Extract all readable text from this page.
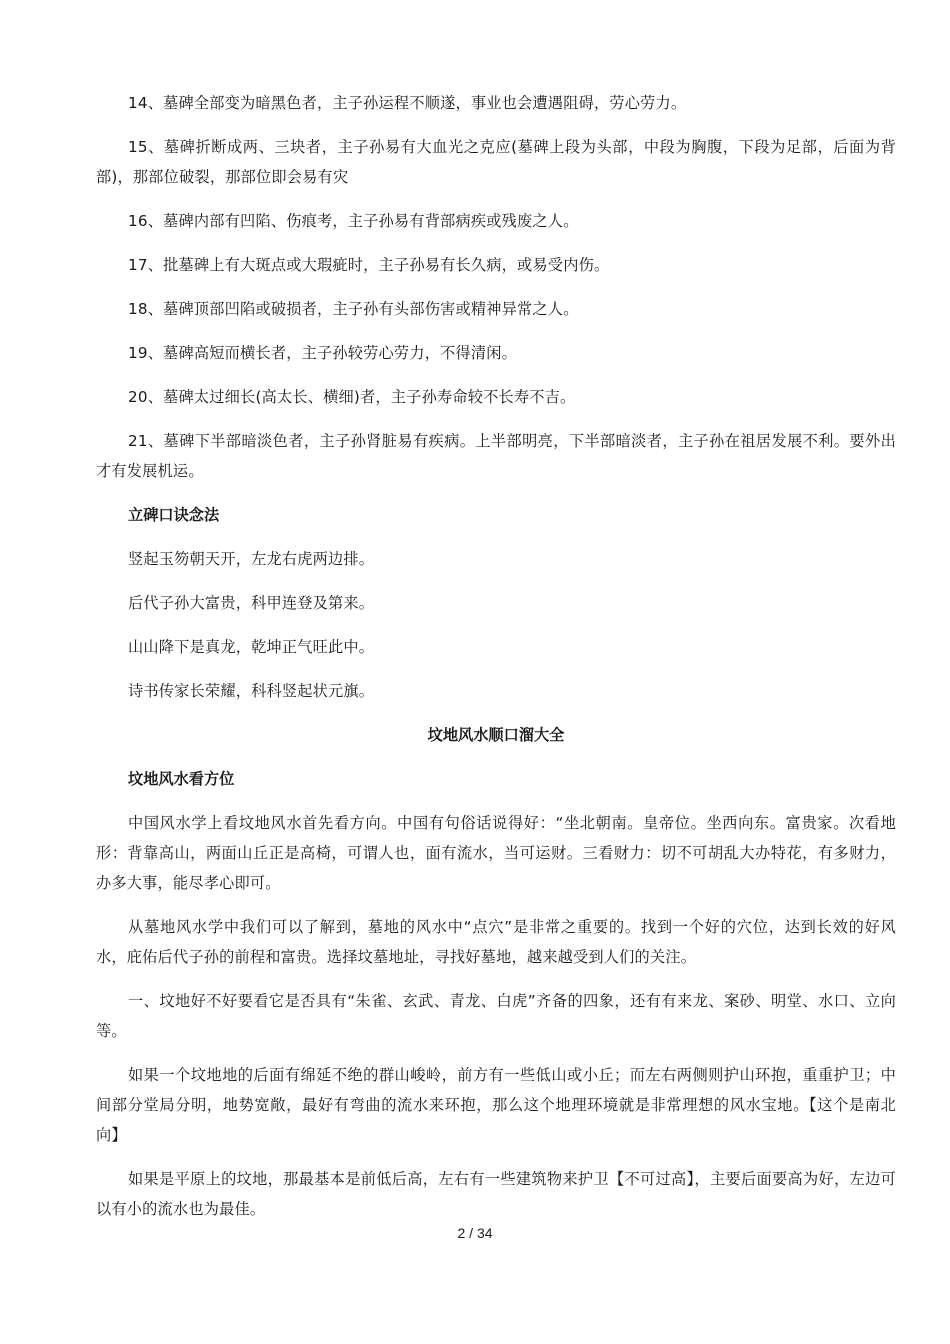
14、墓碑全部变为暗黑色者，主子孙运程不顺遂，事业也会遭遇阻碍，劳心劳力。

15、墓碑折断成两、三块者，主子孙易有大血光之克应(墓碑上段为头部，中段为胸腹，下段为足部，后面为背部)，那部位破裂，那部位即会易有灾

16、墓碑内部有凹陷、伤痕考，主子孙易有背部病疾或残废之人。

17、批墓碑上有大斑点或大瑕疵时，主子孙易有长久病，或易受内伤。

18、墓碑顶部凹陷或破损者，主子孙有头部伤害或精神异常之人。

19、墓碑高短而横长者，主子孙较劳心劳力，不得清闲。

20、墓碑太过细长(高太长、横细)者，主子孙寿命较不长寿不吉。

21、墓碑下半部暗淡色者，主子孙肾脏易有疾病。上半部明亮，下半部暗淡者，主子孙在祖居发展不利。要外出才有发展机运。

立碑口诀念法

竖起玉笏朝天开，左龙右虎两边排。

后代子孙大富贵，科甲连登及第来。

山山降下是真龙，乾坤正气旺此中。

诗书传家长荣耀，科科竖起状元旗。

坟地风水顺口溜大全

坟地风水看方位

中国风水学上看坟地风水首先看方向。中国有句俗话说得好：“坐北朝南。皇帝位。坐西向东。富贵家。次看地形：背靠高山，两面山丘正是高椅，可谓人也，面有流水，当可运财。三看财力：切不可胡乱大办特花，有多财力，办多大事，能尽孝心即可。

从墓地风水学中我们可以了解到，墓地的风水中“点穴”是非常之重要的。找到一个好的穴位，达到长效的好风水，庇佑后代子孙的前程和富贵。选择坟墓地址，寻找好墓地，越来越受到人们的关注。

一、坟地好不好要看它是否具有“朱雀、玄武、青龙、白虎”齐备的四象，还有有来龙、案砂、明堂、水口、立向等。

如果一个坟地地的后面有绵延不绝的群山峻岭，前方有一些低山或小丘；而左右两侧则护山环抱，重重护卫；中间部分堂局分明，地势宽敞，最好有弯曲的流水来环抱，那么这个地理环境就是非常理想的风水宝地。【这个是南北向】

如果是平原上的坟地，那最基本是前低后高，左右有一些建筑物来护卫【不可过高】，主要后面要高为好，左边可以有小的流水也为最佳。

2 / 34
